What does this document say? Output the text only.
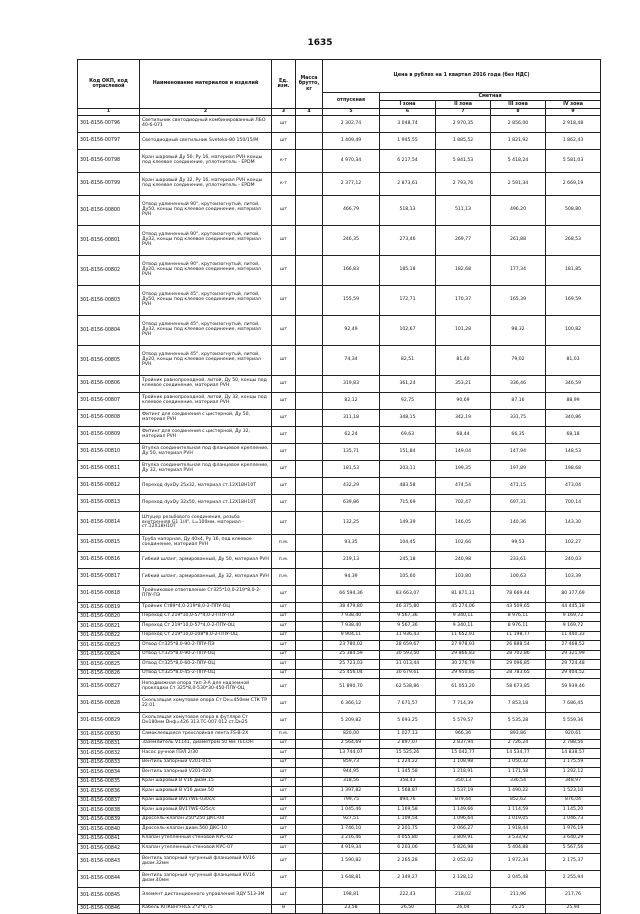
1635
Код ОКП, код отраслевой	Наименование материалов и изделий	Ед. изм.	Масса брутто, кг	Цена в рублях на 1 квартал 2016 года (без НДС)				
				отпускная	Сметная			
					I зона	II зона	III зона	IV зона
1	2	3	4	5	6	7	8	9
301-8156-00796	Светильник светодиодный комбинированный ЛБО 40-6-071	шт		2 302,74	3 048,74	2 970,35	2 856,00	2 918,48
301-8156-00797	Светодиодный светильник Sveteko-80 150/15/М	шт		1 409,49	1 945,55	1 885,52	1 821,92	1 862,43
301-8156-00798	Кран шаровый Ду 50, Ру 16, материал PVH концы под клеевое соединение, уплотнитель - EPDM	к-т		4 970,34	6 217,54	5 841,53	5 418,24	5 581,03
301-8156-00799	Кран шаровый Ду 32, Ру 16, материал PVH концы под клеевое соединение, уплотнитель - EPDM	к-т		2 377,12	2 873,61	2 793,76	2 591,34	2 669,19
301-8156-00800	Отвод удлиненный 90°, крутоизогнутый, литой, Ду50, концы под клеевое соединение, материал PVH	шт		466,79	518,13	511,13	496,20	508,80
301-8156-00801	Отвод удлиненный 90°, крутоизогнутый, литой, Ду32, концы под клеевое соединение, материал PVH	шт		246,35	273,46	269,77	261,88	268,53
301-8156-00802	Отвод удлиненный 90°, крутоизогнутый, литой, Ду20, концы под клеевое соединение, материал PVH	шт		166,83	185,18	182,68	177,34	181,85
301-8156-00803	Отвод удлиненный 45°, крутоизогнутый, литой, Ду50, концы под клеевое соединение, материал PVH	шт		155,59	172,71	170,37	165,39	169,59
301-8156-00804	Отвод удлиненный 45°, крутоизогнутый, литой, Ду32, концы под клеевое соединение, материал PVH	шт		92,49	102,67	101,28	98,32	100,82
301-8156-00805	Отвод удлиненный 45°, крутоизогнутый, литой, Ду20, концы под клеевое соединение, материал PVH	шт		74,34	82,51	81,40	79,02	81,03
301-8156-00806	Тройник равнопроходной, литой, Ду 50, концы под клеевое соединение, материал PVH	шт		319,83	361,24	353,21	336,46	346,59
301-8156-00807	Тройник равнопроходной, литой, Ду 32, концы под клеевое соединение, материал PVH	шт		82,12	92,75	90,69	87,16	88,99
301-8156-00808	Фитинг для соединения с цистерной, Ду 50, материал PVH	шт		311,18	348,15	342,19	331,75	340,86
301-8156-00809	Фитинг для соединения с цистерной, Ду 32, материал PVH	шт		62,24	69,63	68,44	66,35	68,18
301-8156-00810	Втулка соединительная под фланцевое крепление, Ду 50, материал PVH	шт		135,71	151,84	149,04	147,94	148,53
301-8156-00811	Втулка соединительная под фланцевое крепление, Ду 32, материал PVH	шт		181,53	203,11	199,35	197,89	198,68
301-8156-00812	Переход dyxDy 25x32, материал ст.12Х18Н10Т	шт		432,29	483,58	474,54	471,15	473,04
301-8156-00813	Переход dyxDy 32x50, материал ст.12Х18Н10Т	шт		639,86	715,69	702,47	697,31	700,14
301-8156-00814	Штуцер резьбового соединения, резьба внутренняя G1 1/4", L=100мм, материал - ст.12Х18Н10Т	шт		132,25	149,39	146,05	140,36	143,30
301-8156-00815	Труба напорная, Ду 40x4, Ру 16, под клеевое соединение, материал PVH	п.м.		93,35	104,45	102,66	99,53	102,27
301-8156-00816	Гибкий шланг, армированный, Ду 50, материал PVH	п.м.		219,13	245,18	240,98	233,61	240,03
301-8156-00817	Гибкий шланг, армированный, Ду 32, материал PVH	п.м.		94,39	105,60	103,80	100,63	103,39
301-8156-00818	Тройниковое ответвление Ст325*10,0-219*8,0-2-ППУ-ПЭ	шт		66 594,36	83 663,07	81 871,11	78 669,44	80 377,69
301-8156-00819	Тройник Ст89*4,0-219*8,0-2-ППУ-ОЦ	шт		38 479,80	46 375,80	45 274,06	43 509,65	44 445,18
301-8156-00820	Переход Ст 219*10,0-57*4,0-2-ППУ-ПЭ	шт		7 938,40	9 567,36	9 340,11	8 976,11	9 169,72
301-8156-00821	Переход Ст 219*10,0-57*4,0-2-ППУ-ОЦ	шт		7 938,40	9 567,36	9 340,11	8 976,11	9 169,72
301-8156-00822	Переход Ст 219*10,0-108*8,0-2-ППУ-ОЦ	шт		9 904,11	11 936,43	11 652,91	11 198,77	11 440,33
301-8156-00823	Отвод Ст325*8,0-90-2-ППУ-ПЭ	шт		23 780,02	28 659,67	27 978,93	26 888,54	27 468,52
301-8156-00824	Отвод Ст325*8,0-90-2-ППУ-ОЦ	шт		25 384,59	30 593,50	29 866,83	28 702,86	29 321,99
301-8156-00825	Отвод Ст325*8,0-60-2-ППУ-ОЦ	шт		25 723,03	31 013,44	30 276,79	29 096,85	29 724,48
301-8156-00826	Отвод Ст325*8,0-45-2-ППУ-ОЦ	шт		25 456,04	30 679,61	29 950,85	28 783,65	29 404,52
301-8156-00827	Неподвижная опора тип 3-А для надземной прокладки Ст 325*8,0-530*30-450-ППУ-ОЦ	шт		51 890,70	62 538,86	61 053,20	58 673,85	59 939,46
301-8156-00828	Скользящая хомутовая опора Ст Dн=450мм СТК ТР 22.01	шт		6 366,12	7 671,57	7 714,39	7 853,18	7 686,45
301-8156-00829	Скользящая хомутовая опора в футляре Ст Dн180мм Dнф=426 313.ТС-007 012 ст.Dн25	шт		5 209,82	5 693,25	5 579,57	5 535,28	5 559,36
301-8156-00830	Самоклеящаяся трехслойная лента FS-B-2X	п.м.		820,00	1 027,13	966,36	893,86	920,61
301-8156-00831	Заземлитель V1141, диаметром 50 мм TECOFI	шт		2 564,69	2 897,07	2 837,94	2 726,24	2 788,56
301-8156-00832	Насос ручной ПЭЛ 2/30	шт		13 744,07	15 525,26	15 042,77	14 534,77	14 838,57
301-8156-00833	Вентиль запорный V201-015	шт		859,73	1 224,22	1 108,98	1 050,32	1 175,59
301-8156-00834	Вентиль запорный V201-020	шт		944,95	1 345,58	1 218,91	1 171,58	1 292,12
301-8156-00835	Кран шаровый В V16 диам.15	шт		318,56	358,43	350,13	336,54	348,97
301-8156-00836	Кран шаровый В V16 диам.50	шт		1 397,82	1 568,87	1 537,19	1 490,22	1 523,10
301-8156-00837	Кран шаровый BV17WE-030с/с	шт		799,75	894,76	879,44	852,62	876,04
301-8156-00838	Кран шаровый BV17WE-025с/с	шт		1 045,46	1 169,58	1 149,66	1 114,59	1 145,20
301-8156-00839	Дроссель-клапан 250*250 ДКС-04	шт		927,51	1 109,54	1 096,64	1 019,05	1 046,73
301-8156-00840	Дроссель-клапан диам.560 ДКС-10	шт		1 746,10	2 201,75	2 066,27	1 918,44	1 976,19
301-8156-00841	Клапан утепленный стеновой КУС-02	шт		3 216,46	4 055,80	3 809,91	3 533,92	3 640,29
301-8156-00842	Клапан утепленный стеновой КУС-07	шт		4 919,34	6 203,06	5 826,98	5 404,88	5 567,56
301-8156-00843	Вентиль запорный чугунный фланцевый KV16 диам.32мм	шт		1 590,82	2 265,28	2 052,02	1 972,34	2 175,37
301-8156-00844	Вентиль запорный чугунный фланцевый KV16 диам.40мм	шт		1 648,81	2 349,27	2 128,12	2 045,48	2 255,94
301-8156-00845	Элемент дистанционного управления ЭДУ 513-3М	шт		198,81	222,43	218,02	211,96	217,76
301-8156-00846	Кабель КПКВнгFRLS 2*2*0,75	м		23,58	26,50	26,04	25,25	25,94
